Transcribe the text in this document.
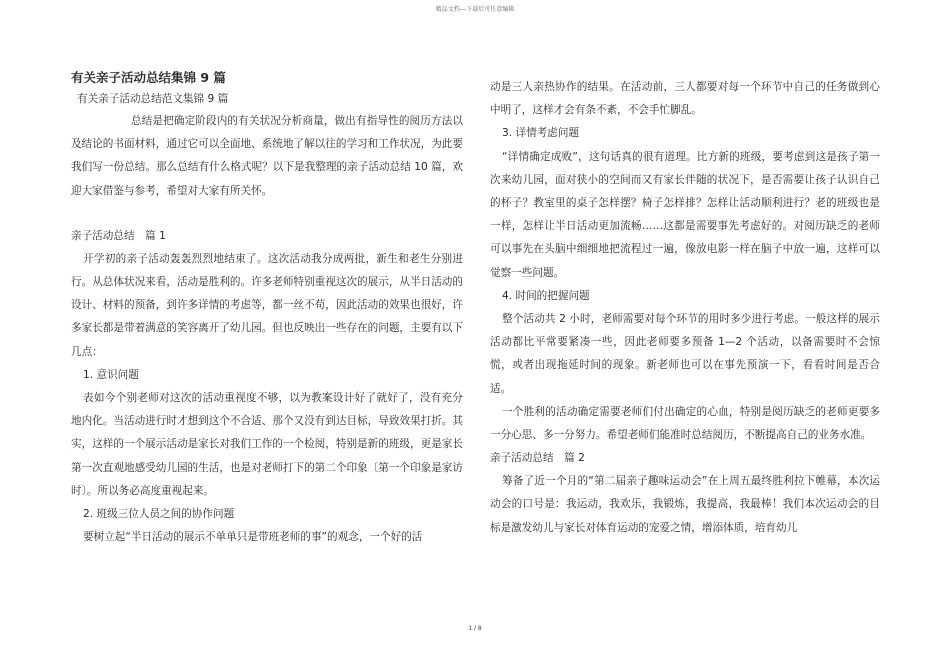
精品文档---下载后可任意编辑

有关亲子活动总结集锦 9 篇

有关亲子活动总结范文集锦 9 篇

总结是把确定阶段内的有关状况分析商量，做出有指导性的阅历方法以及结论的书面材料，通过它可以全面地、系统地了解以往的学习和工作状况，为此要我们写一份总结。那么总结有什么格式呢？以下是我整理的亲子活动总结 10 篇，欢迎大家借鉴与参考，希望对大家有所关怀。

亲子活动总结　篇 1

开学初的亲子活动轰轰烈烈地结束了。这次活动我分成两批，新生和老生分别进行。从总体状况来看，活动是胜利的。许多老师特别重视这次的展示，从半日活动的设计、材料的预备，到许多详情的考虑等，都一丝不苟，因此活动的效果也很好，许多家长都是带着满意的笑容离开了幼儿园。但也反映出一些存在的问题，主要有以下几点：

1. 意识问题

表如今个别老师对这次的活动重视度不够，以为教案设计好了就好了，没有充分地内化。当活动进行时才想到这个不合适、那个又没有到达目标，导致效果打折。其实，这样的一个展示活动是家长对我们工作的一个检阅，特别是新的班级，更是家长第一次直观地感受幼儿园的生活，也是对老师打下的第二个印象〔第一个印象是家访时〕。所以务必高度重视起来。

2. 班级三位人员之间的协作问题

要树立起“半日活动的展示不单单只是带班老师的事”的观念，一个好的活

动是三人亲热协作的结果。在活动前，三人都要对每一个环节中自己的任务做到心中明了，这样才会有条不紊，不会手忙脚乱。

3. 详情考虑问题

“详情确定成败”，这句话真的很有道理。比方新的班级，要考虑到这是孩子第一次来幼儿园，面对狭小的空间而又有家长伴随的状况下，是否需要让孩子认识自己的杯子？教室里的桌子怎样摆？椅子怎样排？怎样让活动顺利进行？老的班级也是一样，怎样让半日活动更加流畅……这都是需要事先考虑好的。对阅历缺乏的老师可以事先在头脑中细细地把流程过一遍，像放电影一样在脑子中放一遍，这样可以觉察一些问题。

4. 时间的把握问题

整个活动共 2 小时，老师需要对每个环节的用时多少进行考虑。一般这样的展示活动都比平常要紧凑一些，因此老师要多预备 1—2 个活动，以备需要时不会惊慌，或者出现拖延时间的现象。新老师也可以在事先预演一下，看看时间是否合适。

一个胜利的活动确定需要老师们付出确定的心血，特别是阅历缺乏的老师更要多一分心思、多一分努力。希望老师们能准时总结阅历，不断提高自己的业务水准。

亲子活动总结　篇 2

筹备了近一个月的“第二届亲子趣味运动会”在上周五最终胜利拉下帷幕，本次运动会的口号是：我运动，我欢乐，我锻炼，我提高，我最棒！我们本次运动会的目标是激发幼儿与家长对体育运动的宠爱之情，增添体质，培育幼儿

1 / 8
